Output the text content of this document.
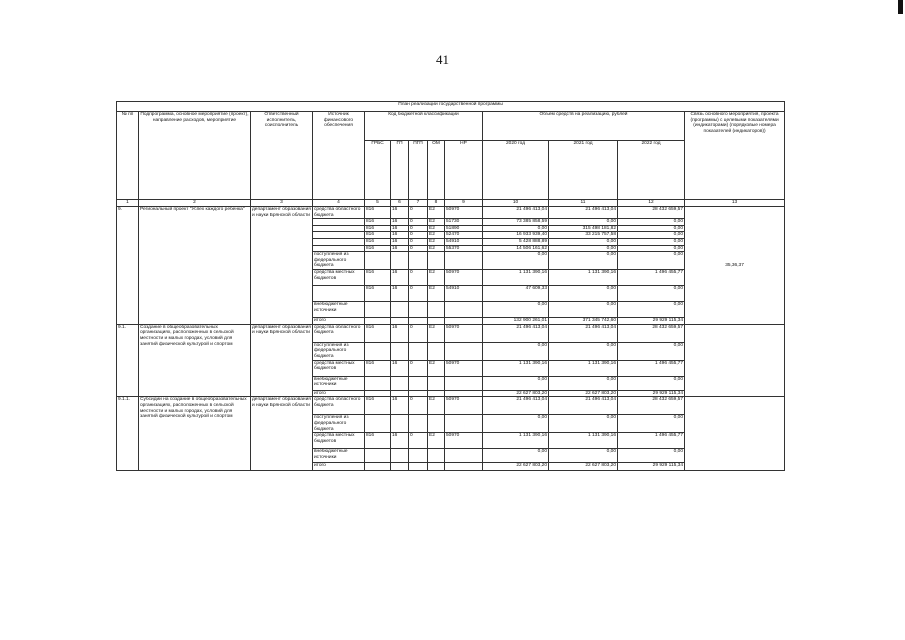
41
План реализации государственной программы												
№ пп	Подпрограмма, основное мероприятие (проект), направление расходов, мероприятие	Ответственный исполнитель, соисполнитель	Источник финансового обеспечения	Код бюджетной классификации					Объем средств на реализацию, рублей			Связь основного мероприятия, проекта (программы) с целевыми показателями (индикаторами) (порядковые номера показателей (индикаторов))
				ГРБС	ГП	ПГП	ОМ	НР	2020 год	2021 год	2022 год	
1	2	3	4	5	6	7	8	9	10	11	12	13
9.	Региональный проект "Успех каждого ребенка"	департамент образования и науки Брянской области	средства областного бюджета	816	16	0	E2	50970	21 496 413,04	21 496 413,04	28 432 659,57	35,36,37
				816	16	0	E2	51730	73 385 858,59	0,00	0,00	
				816	16	0	E2	51890	0,00	315 498 181,82	0,00	
				816	16	0	E2	52470	16 933 939,40	33 215 757,58	0,00	
				816	16	0	E2	54910	5 428 888,89	0,00	0,00	
				816	16	0	E2	55370	14 506 161,62	0,00	0,00	
			поступления из федерального бюджета						0,00	0,00	0,00	
			средства местных бюджетов	816	16	0	E2	50970	1 131 390,16	1 131 390,16	1 496 455,77	
				816	16	0	E2	54910	47 609,33	0,00	0,00	
			внебюджетные источники						0,00	0,00	0,00	
			итого						132 900 261,01	371 345 742,60	29 929 115,34	
9.1.	Создание в общеобразовательных организациях, расположенных в сельской местности и малых городах, условий для занятий физической культурой и спортом	департамент образования и науки Брянской области	средства областного бюджета	816	16	0	E2	50970	21 496 413,04	21 496 413,04	28 432 659,57	
			поступления из федерального бюджета						0,00	0,00	0,00	
			средства местных бюджетов	816	16	0	E2	50970	1 131 390,16	1 131 390,16	1 496 455,77	
			внебюджетные источники						0,00	0,00	0,00	
			итого						22 627 803,20	22 627 803,20	29 929 115,34	
9.1.1.	Субсидии на создание в общеобразовательных организациях, расположенных в сельской местности и малых городах, условий для занятий физической культурой и спортом	департамент образования и науки Брянской области	средства областного бюджета	816	16	0	E2	50970	21 496 413,04	21 496 413,04	28 432 659,57	
			поступления из федерального бюджета						0,00	0,00	0,00	
			средства местных бюджетов	816	16	0	E2	50970	1 131 390,16	1 131 390,16	1 496 455,77	
			внебюджетные источники						0,00	0,00	0,00	
			итого						22 627 803,20	22 627 803,20	29 929 115,34	
